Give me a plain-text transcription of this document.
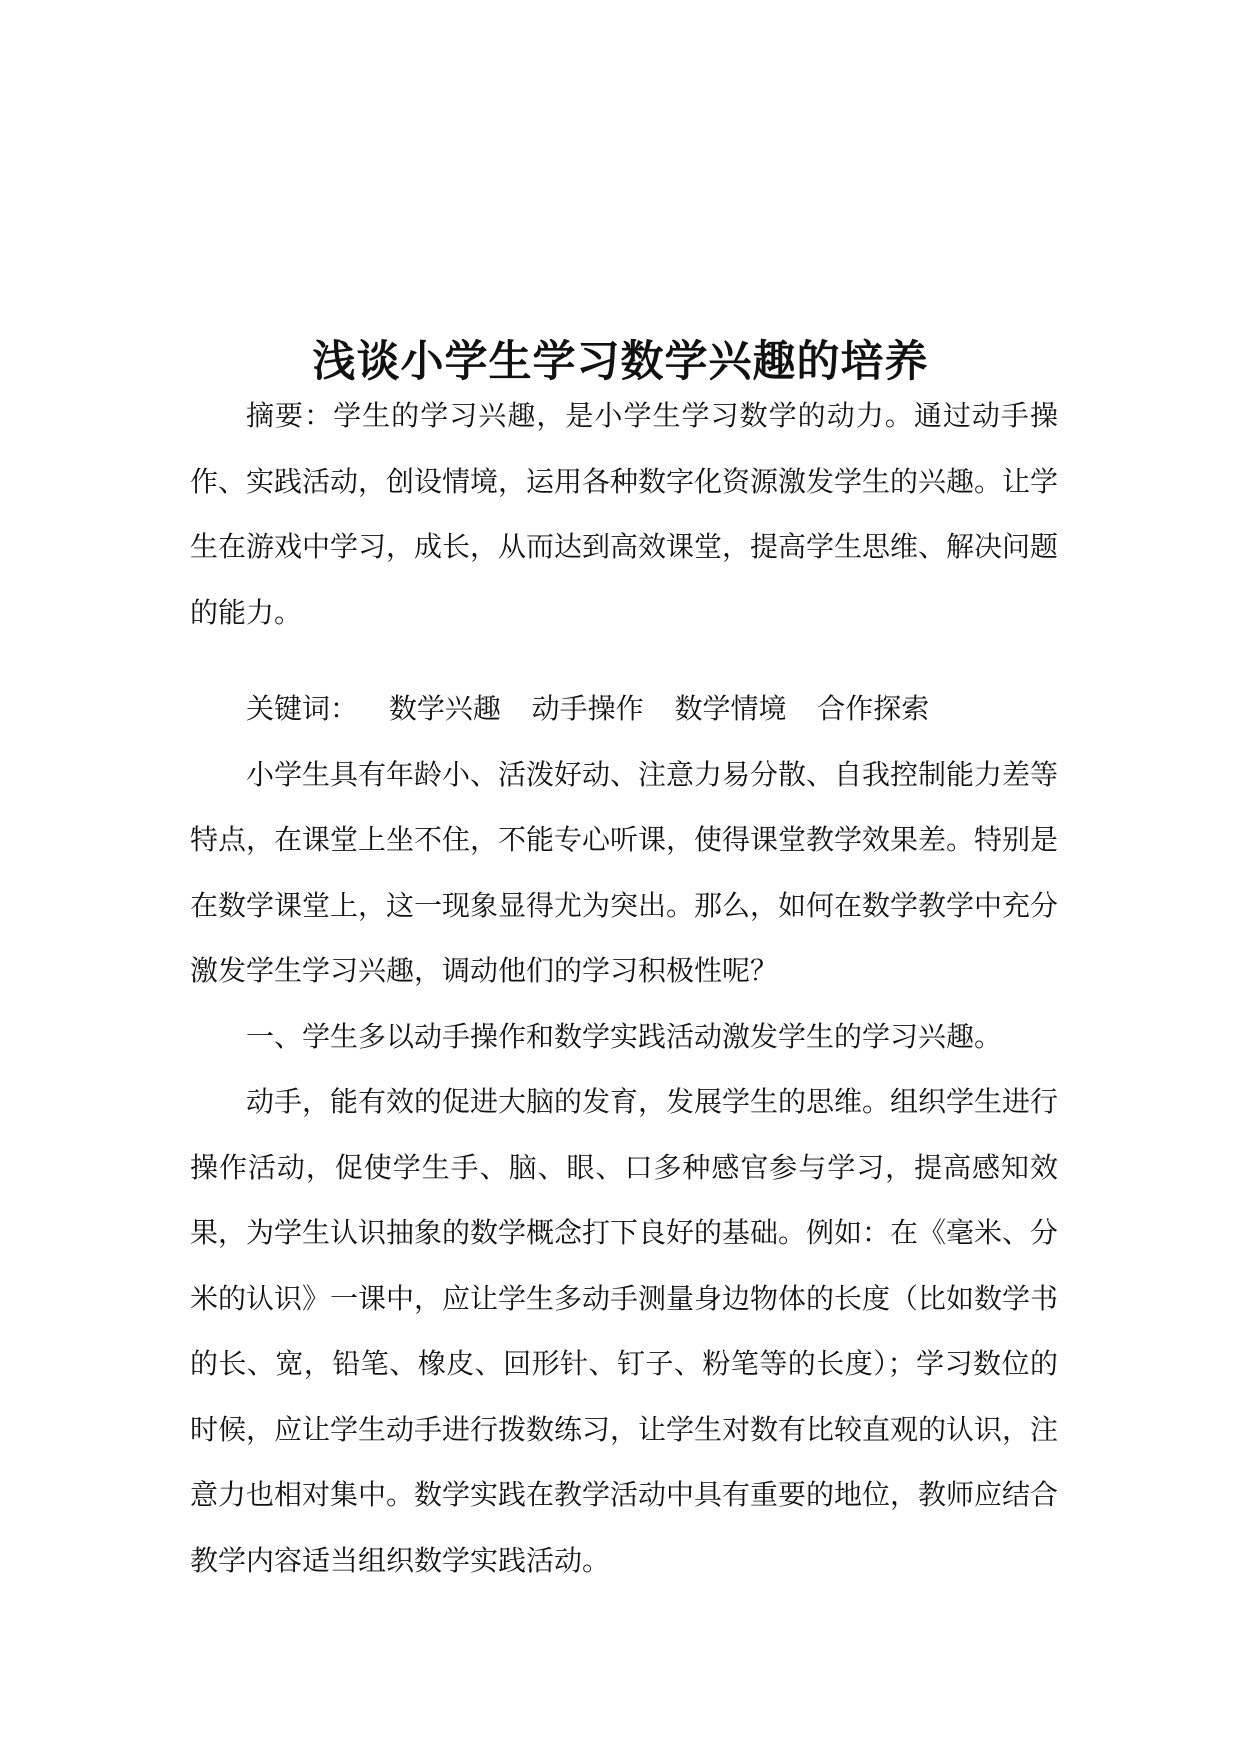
浅谈小学生学习数学兴趣的培养

摘要：学生的学习兴趣，是小学生学习数学的动力。通过动手操作、实践活动，创设情境，运用各种数字化资源激发学生的兴趣。让学生在游戏中学习，成长，从而达到高效课堂，提高学生思维、解决问题的能力。

关键词： 数学兴趣 动手操作 数学情境 合作探索

小学生具有年龄小、活泼好动、注意力易分散、自我控制能力差等特点，在课堂上坐不住，不能专心听课，使得课堂教学效果差。特别是在数学课堂上，这一现象显得尤为突出。那么，如何在数学教学中充分激发学生学习兴趣，调动他们的学习积极性呢？

一、学生多以动手操作和数学实践活动激发学生的学习兴趣。

动手，能有效的促进大脑的发育，发展学生的思维。组织学生进行操作活动，促使学生手、脑、眼、口多种感官参与学习，提高感知效果，为学生认识抽象的数学概念打下良好的基础。例如：在《毫米、分米的认识》一课中，应让学生多动手测量身边物体的长度（比如数学书的长、宽，铅笔、橡皮、回形针、钉子、粉笔等的长度）；学习数位的时候，应让学生动手进行拨数练习，让学生对数有比较直观的认识，注意力也相对集中。数学实践在教学活动中具有重要的地位，教师应结合教学内容适当组织数学实践活动。
